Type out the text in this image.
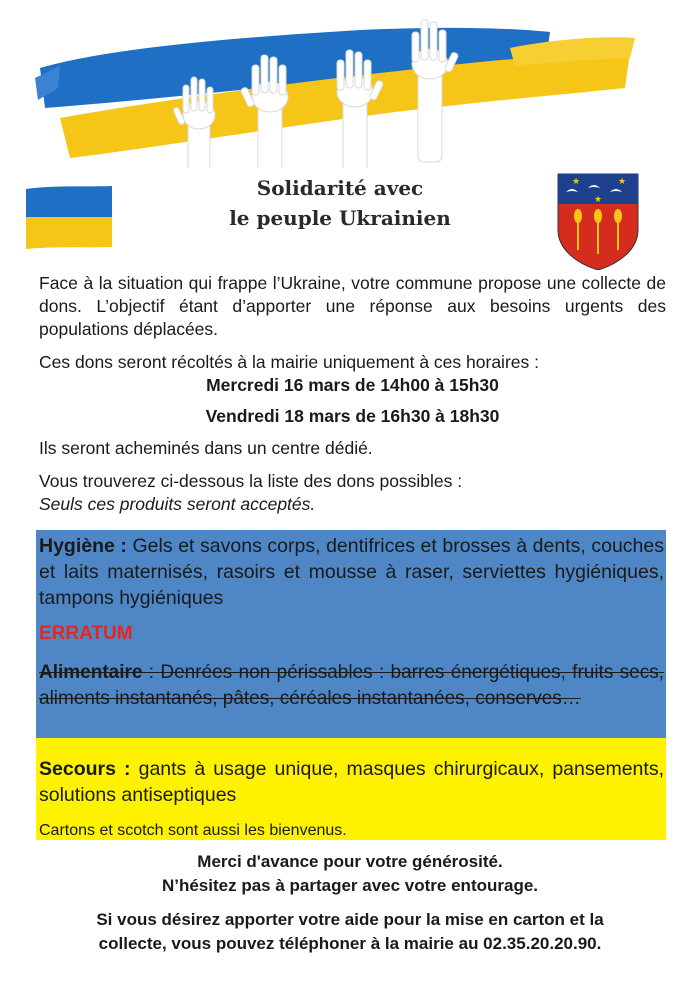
★	★
★
Solidarité avec
le peuple Ukrainien
Face à la situation qui frappe l’Ukraine, votre commune propose une collecte de dons. L’objectif étant d’apporter une réponse aux besoins urgents des populations déplacées.
Ces dons seront récoltés à la mairie uniquement à ces horaires :
Mercredi 16 mars de 14h00 à 15h30
Vendredi 18 mars de 16h30 à 18h30
Ils seront acheminés dans un centre dédié.
Vous trouverez ci-dessous la liste des dons possibles :
Seuls ces produits seront acceptés.
Hygiène : Gels et savons corps, dentifrices et brosses à dents, couches et laits maternisés, rasoirs et mousse à raser, serviettes hygiéniques, tampons hygiéniques
ERRATUM
Alimentaire : Denrées non périssables : barres énergétiques, fruits secs, aliments instantanés, pâtes, céréales instantanées, conserves…
Secours : gants à usage unique, masques chirurgicaux, pansements, solutions antiseptiques
Cartons et scotch sont aussi les bienvenus.
Merci d'avance pour votre générosité.
N’hésitez pas à partager avec votre entourage.
Si vous désirez apporter votre aide pour la mise en carton et la
collecte, vous pouvez téléphoner à la mairie au 02.35.20.20.90.
